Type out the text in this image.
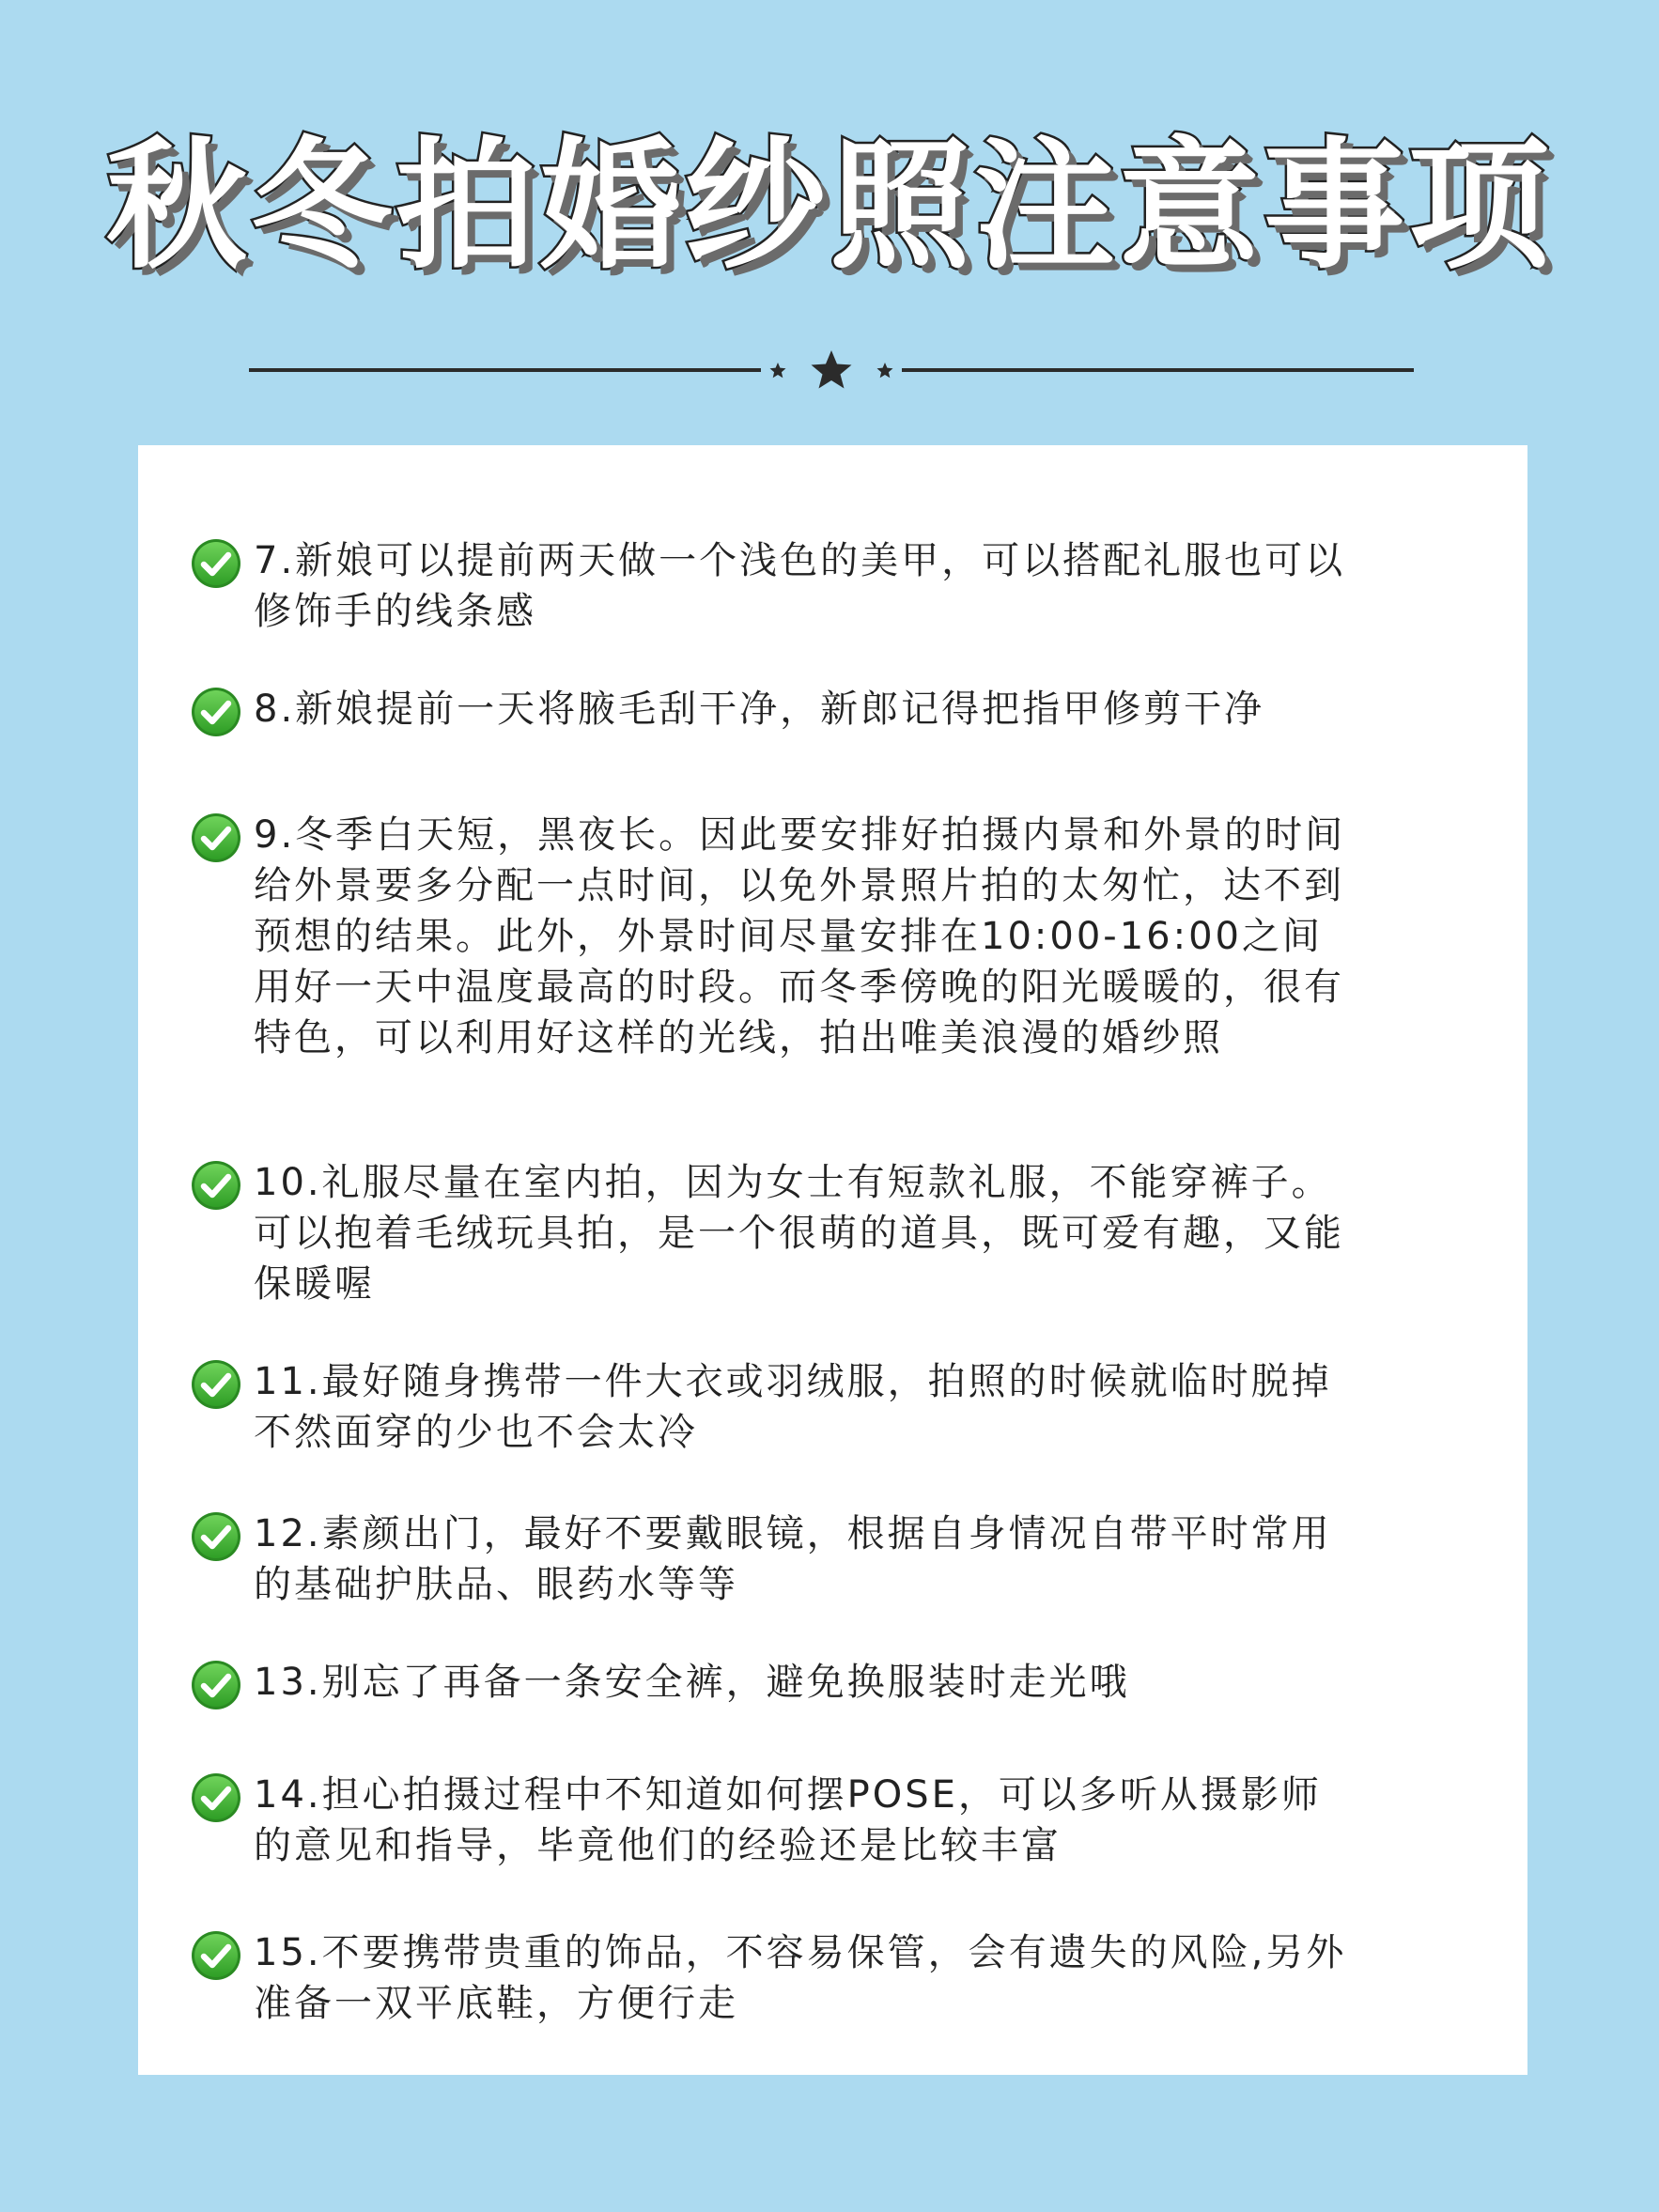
秋冬拍婚纱照注意事项
7.新娘可以提前两天做一个浅色的美甲，可以搭配礼服也可以
修饰手的线条感
8.新娘提前一天将腋毛刮干净，新郎记得把指甲修剪干净
9.冬季白天短，黑夜长。因此要安排好拍摄内景和外景的时间
给外景要多分配一点时间，以免外景照片拍的太匆忙，达不到
预想的结果。此外，外景时间尽量安排在10:00-16:00之间
用好一天中温度最高的时段。而冬季傍晚的阳光暖暖的，很有
特色，可以利用好这样的光线，拍出唯美浪漫的婚纱照
10.礼服尽量在室内拍，因为女士有短款礼服，不能穿裤子。
可以抱着毛绒玩具拍，是一个很萌的道具，既可爱有趣，又能
保暖喔
11.最好随身携带一件大衣或羽绒服，拍照的时候就临时脱掉
不然面穿的少也不会太冷
12.素颜出门，最好不要戴眼镜，根据自身情况自带平时常用
的基础护肤品、眼药水等等
13.别忘了再备一条安全裤，避免换服装时走光哦
14.担心拍摄过程中不知道如何摆POSE，可以多听从摄影师
的意见和指导，毕竟他们的经验还是比较丰富
15.不要携带贵重的饰品，不容易保管，会有遗失的风险,另外
准备一双平底鞋，方便行走
